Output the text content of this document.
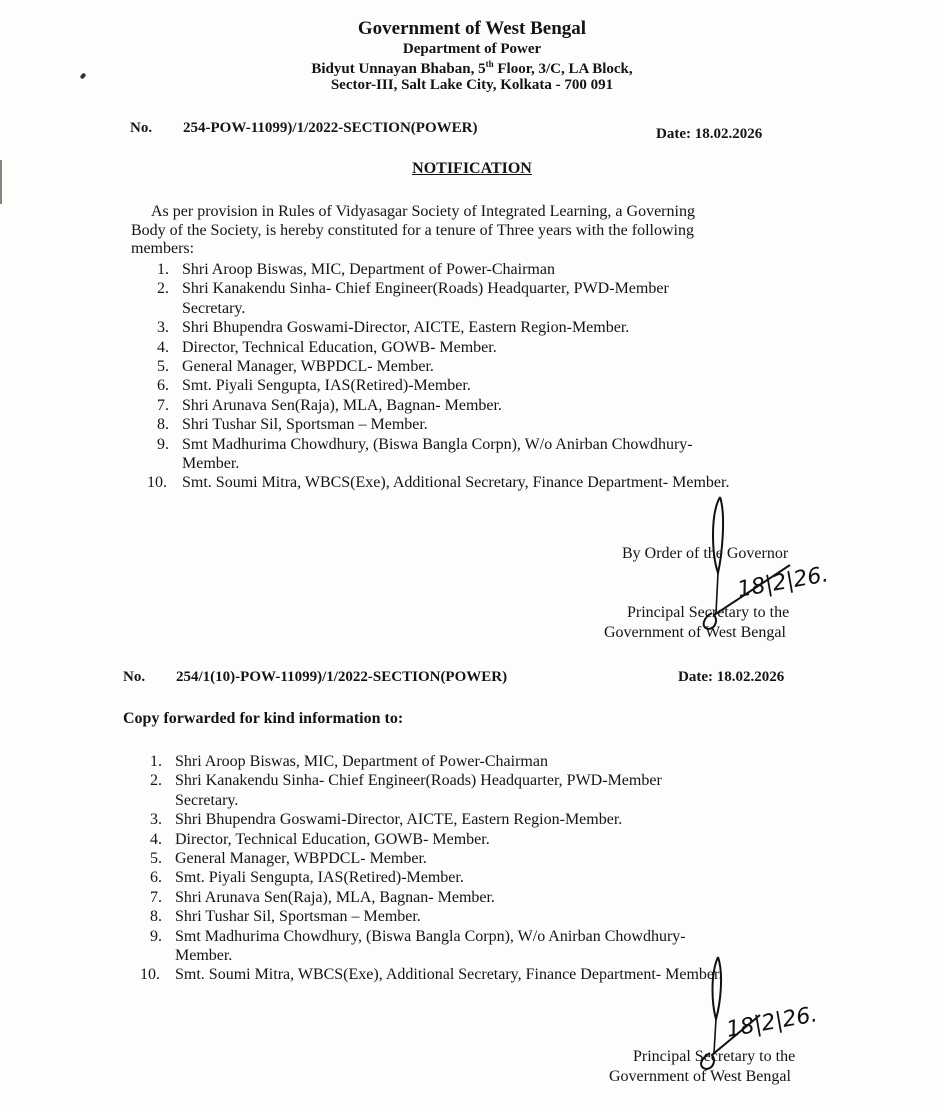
Government of West Bengal
Department of Power
Bidyut Unnayan Bhaban, 5th Floor, 3/C, LA Block,
Sector-III, Salt Lake City, Kolkata - 700 091
No. 254-POW-11099)/1/2022-SECTION(POWER)	Date: 18.02.2026
NOTIFICATION
As per provision in Rules of Vidyasagar Society of Integrated Learning, a Governing
Body of the Society, is hereby constituted for a tenure of Three years with the following
members:
1. Shri Aroop Biswas, MIC, Department of Power-Chairman
2. Shri Kanakendu Sinha- Chief Engineer(Roads) Headquarter, PWD-Member
Secretary.
3. Shri Bhupendra Goswami-Director, AICTE, Eastern Region-Member.
4. Director, Technical Education, GOWB- Member.
5. General Manager, WBPDCL- Member.
6. Smt. Piyali Sengupta, IAS(Retired)-Member.
7. Shri Arunava Sen(Raja), MLA, Bagnan- Member.
8. Shri Tushar Sil, Sportsman – Member.
9. Smt Madhurima Chowdhury, (Biswa Bangla Corpn), W/o Anirban Chowdhury-
Member.
10. Smt. Soumi Mitra, WBCS(Exe), Additional Secretary, Finance Department- Member.
By Order of the Governor
18|2|26.
Principal Secretary to the
Government of West Bengal
No. 254/1(10)-POW-11099)/1/2022-SECTION(POWER)	Date: 18.02.2026
Copy forwarded for kind information to:
1. Shri Aroop Biswas, MIC, Department of Power-Chairman
2. Shri Kanakendu Sinha- Chief Engineer(Roads) Headquarter, PWD-Member
Secretary.
3. Shri Bhupendra Goswami-Director, AICTE, Eastern Region-Member.
4. Director, Technical Education, GOWB- Member.
5. General Manager, WBPDCL- Member.
6. Smt. Piyali Sengupta, IAS(Retired)-Member.
7. Shri Arunava Sen(Raja), MLA, Bagnan- Member.
8. Shri Tushar Sil, Sportsman – Member.
9. Smt Madhurima Chowdhury, (Biswa Bangla Corpn), W/o Anirban Chowdhury-
Member.
10. Smt. Soumi Mitra, WBCS(Exe), Additional Secretary, Finance Department- Member.
18|2|26.
Principal Secretary to the
Government of West Bengal
